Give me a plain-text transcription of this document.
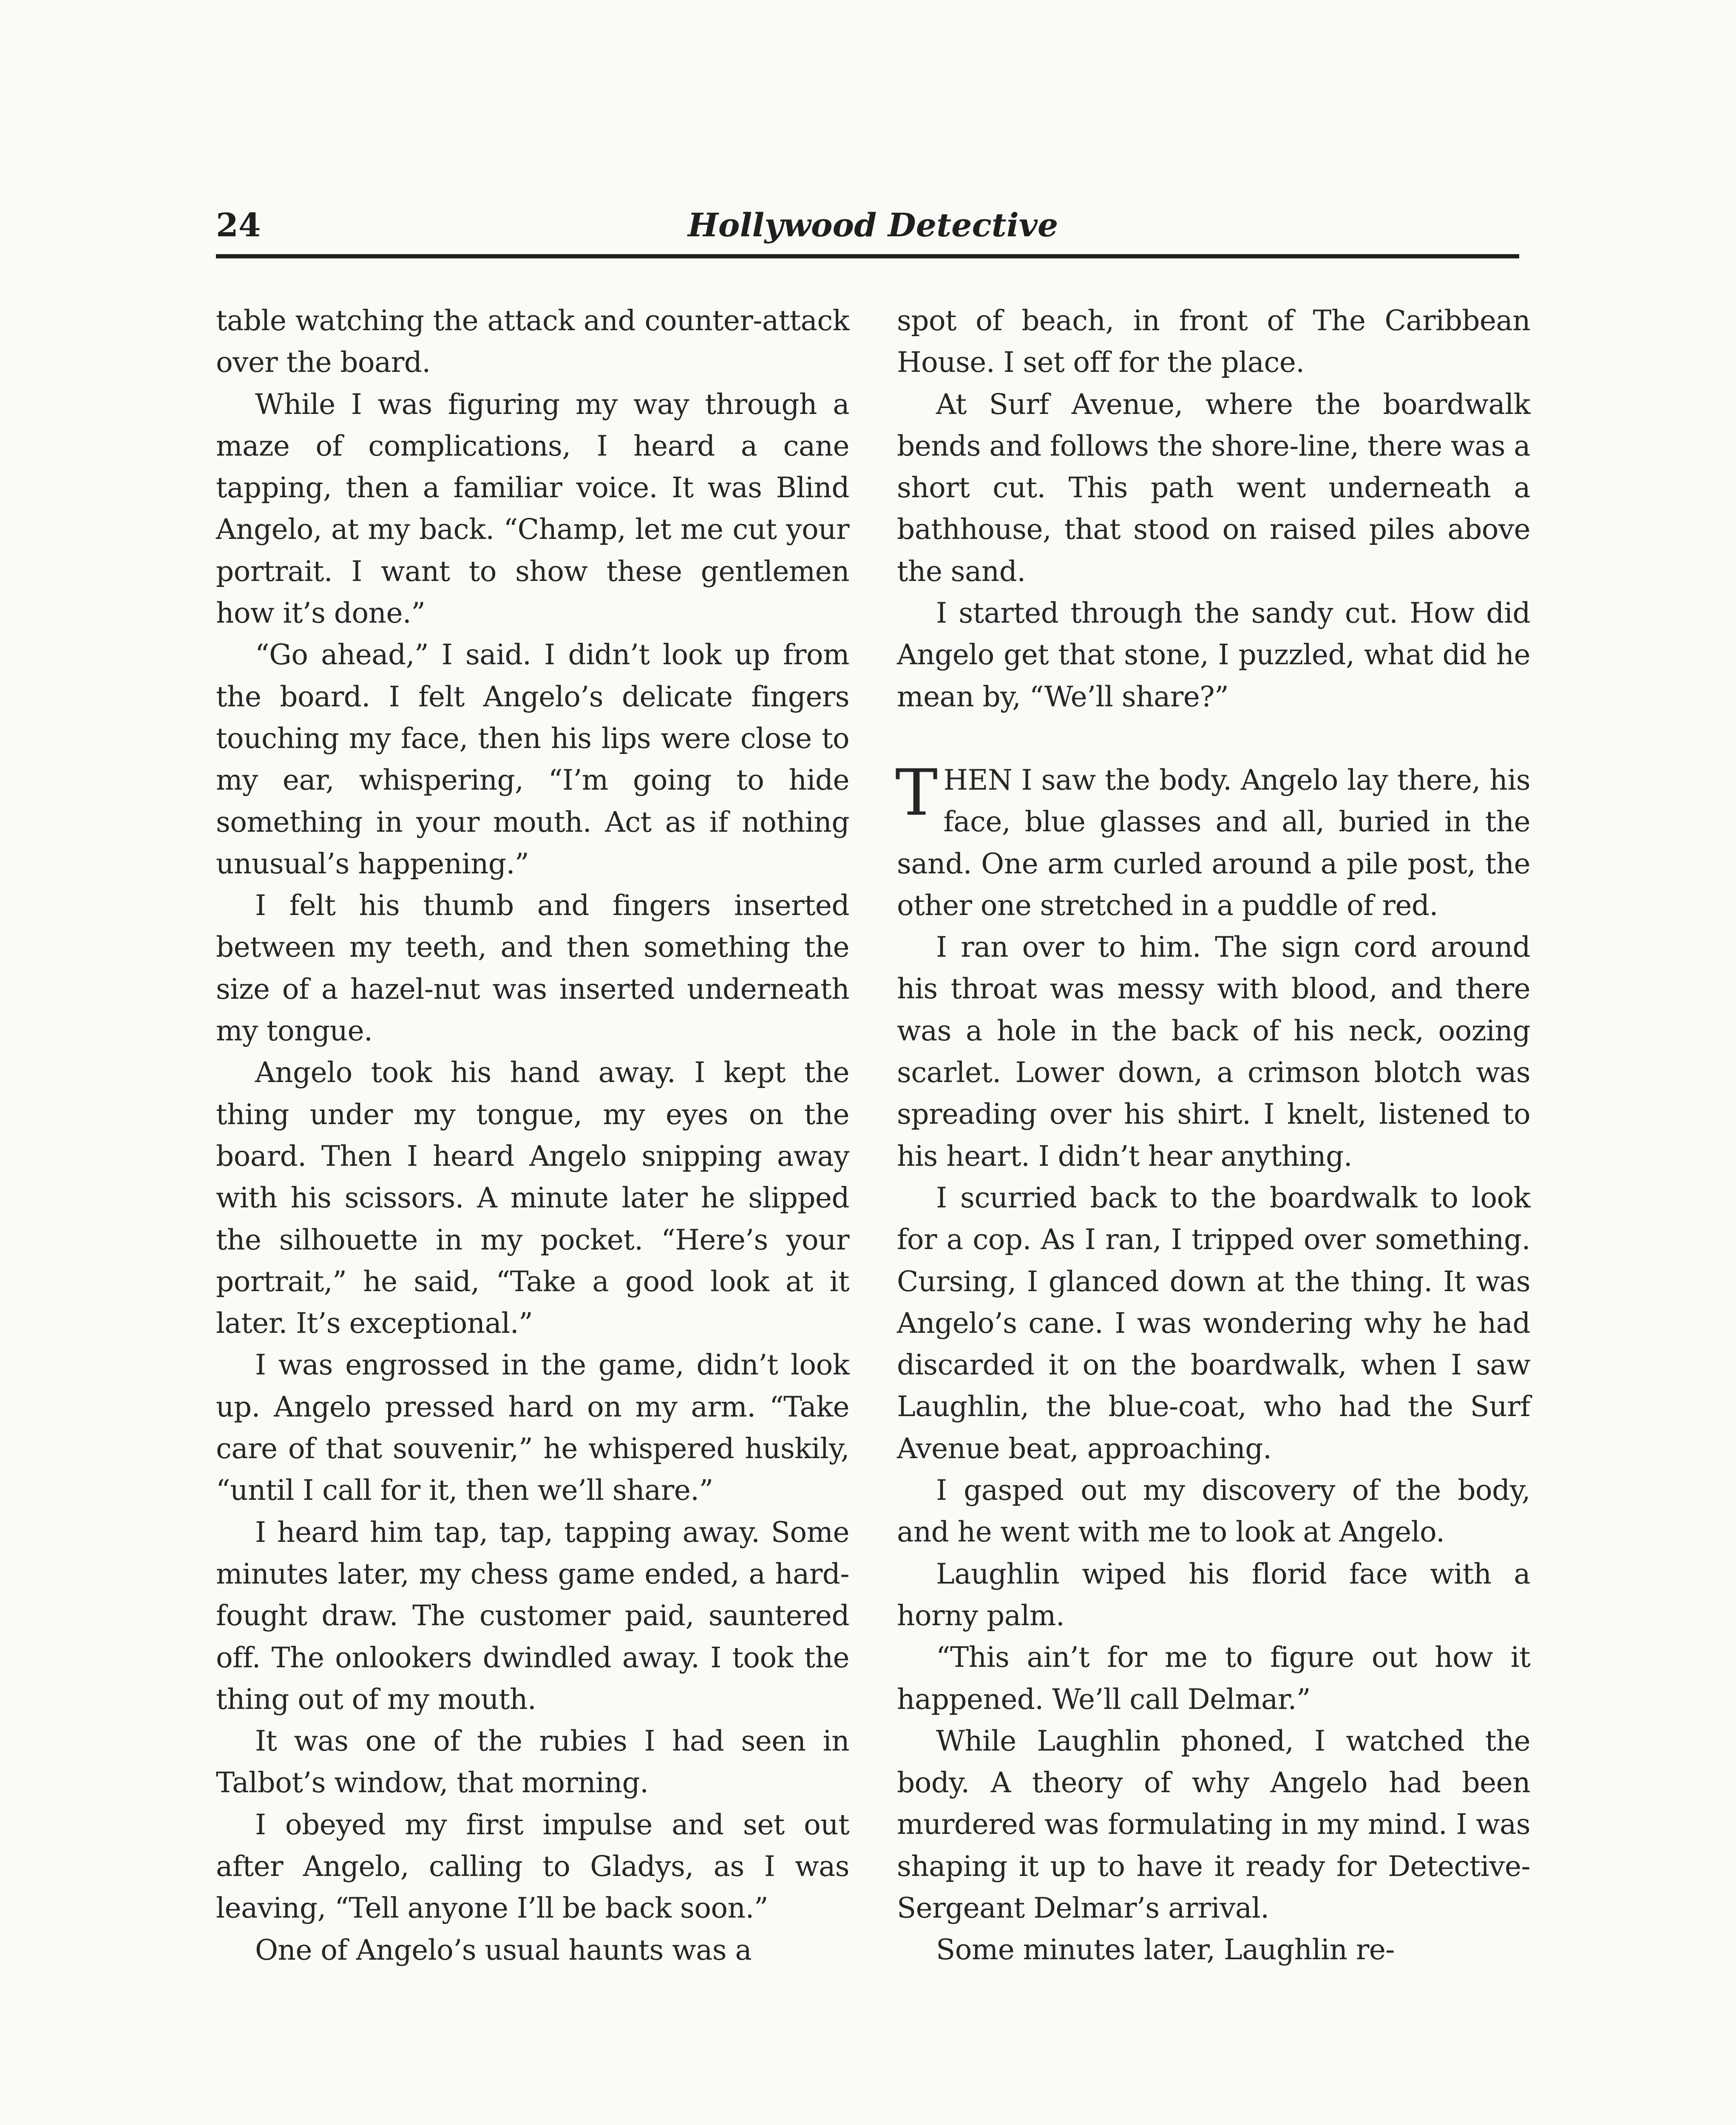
24	Hollywood Detective

table watching the attack and counter-attack over the board.

While I was figuring my way through a maze of complications, I heard a cane tapping, then a familiar voice. It was Blind Angelo, at my back. “Champ, let me cut your portrait. I want to show these gentlemen how it’s done.”

“Go ahead,” I said. I didn’t look up from the board. I felt Angelo’s delicate fingers touching my face, then his lips were close to my ear, whispering, “I’m going to hide something in your mouth. Act as if nothing unusual’s happening.”

I felt his thumb and fingers inserted between my teeth, and then something the size of a hazel-nut was inserted underneath my tongue.

Angelo took his hand away. I kept the thing under my tongue, my eyes on the board. Then I heard Angelo snipping away with his scissors. A minute later he slipped the silhouette in my pocket. “Here’s your portrait,” he said, “Take a good look at it later. It’s exceptional.”

I was engrossed in the game, didn’t look up. Angelo pressed hard on my arm. “Take care of that souvenir,” he whispered huskily, “until I call for it, then we’ll share.”

I heard him tap, tap, tapping away. Some minutes later, my chess game ended, a hard-fought draw. The customer paid, sauntered off. The onlookers dwindled away. I took the thing out of my mouth.

It was one of the rubies I had seen in Talbot’s window, that morning.

I obeyed my first impulse and set out after Angelo, calling to Gladys, as I was leaving, “Tell anyone I’ll be back soon.”

One of Angelo’s usual haunts was a

spot of beach, in front of The Caribbean House. I set off for the place.

At Surf Avenue, where the boardwalk bends and follows the shore-line, there was a short cut. This path went underneath a bathhouse, that stood on raised piles above the sand.

I started through the sandy cut. How did Angelo get that stone, I puzzled, what did he mean by, “We’ll share?”

THEN I saw the body. Angelo lay there, his face, blue glasses and all, buried in the sand. One arm curled around a pile post, the other one stretched in a puddle of red.

I ran over to him. The sign cord around his throat was messy with blood, and there was a hole in the back of his neck, oozing scarlet. Lower down, a crimson blotch was spreading over his shirt. I knelt, listened to his heart. I didn’t hear anything.

I scurried back to the boardwalk to look for a cop. As I ran, I tripped over something. Cursing, I glanced down at the thing. It was Angelo’s cane. I was wondering why he had discarded it on the boardwalk, when I saw Laughlin, the blue-coat, who had the Surf Avenue beat, approaching.

I gasped out my discovery of the body, and he went with me to look at Angelo.

Laughlin wiped his florid face with a horny palm.

“This ain’t for me to figure out how it happened. We’ll call Delmar.”

While Laughlin phoned, I watched the body. A theory of why Angelo had been murdered was formulating in my mind. I was shaping it up to have it ready for Detective-Sergeant Delmar’s arrival.

Some minutes later, Laughlin re-
